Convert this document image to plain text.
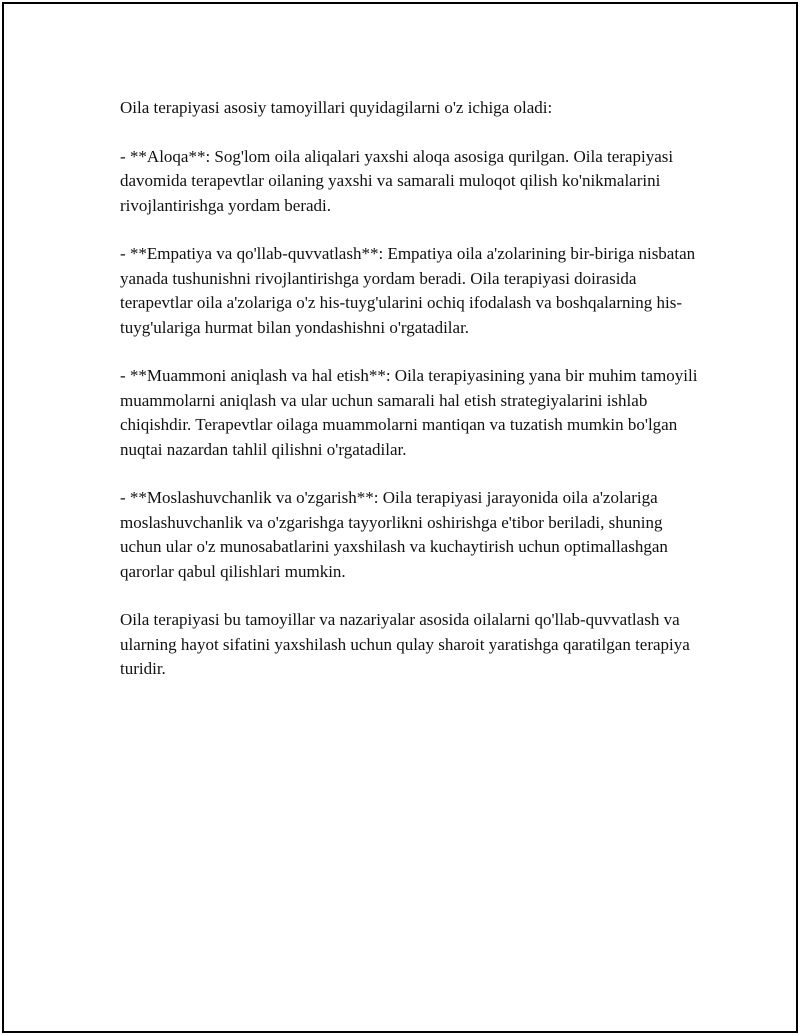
Oila terapiyasi asosiy tamoyillari quyidagilarni o'z ichiga oladi:

- **Aloqa**: Sog'lom oila aliqalari yaxshi aloqa asosiga qurilgan. Oila terapiyasi davomida terapevtlar oilaning yaxshi va samarali muloqot qilish ko'nikmalarini rivojlantirishga yordam beradi.

- **Empatiya va qo'llab-quvvatlash**: Empatiya oila a'zolarining bir-biriga nisbatan yanada tushunishni rivojlantirishga yordam beradi. Oila terapiyasi doirasida terapevtlar oila a'zolariga o'z his-tuyg'ularini ochiq ifodalash va boshqalarning his-tuyg'ulariga hurmat bilan yondashishni o'rgatadilar.

- **Muammoni aniqlash va hal etish**: Oila terapiyasining yana bir muhim tamoyili muammolarni aniqlash va ular uchun samarali hal etish strategiyalarini ishlab chiqishdir. Terapevtlar oilaga muammolarni mantiqan va tuzatish mumkin bo'lgan nuqtai nazardan tahlil qilishni o'rgatadilar.

- **Moslashuvchanlik va o'zgarish**: Oila terapiyasi jarayonida oila a'zolariga moslashuvchanlik va o'zgarishga tayyorlikni oshirishga e'tibor beriladi, shuning uchun ular o'z munosabatlarini yaxshilash va kuchaytirish uchun optimallashgan qarorlar qabul qilishlari mumkin.

Oila terapiyasi bu tamoyillar va nazariyalar asosida oilalarni qo'llab-quvvatlash va ularning hayot sifatini yaxshilash uchun qulay sharoit yaratishga qaratilgan terapiya turidir.
